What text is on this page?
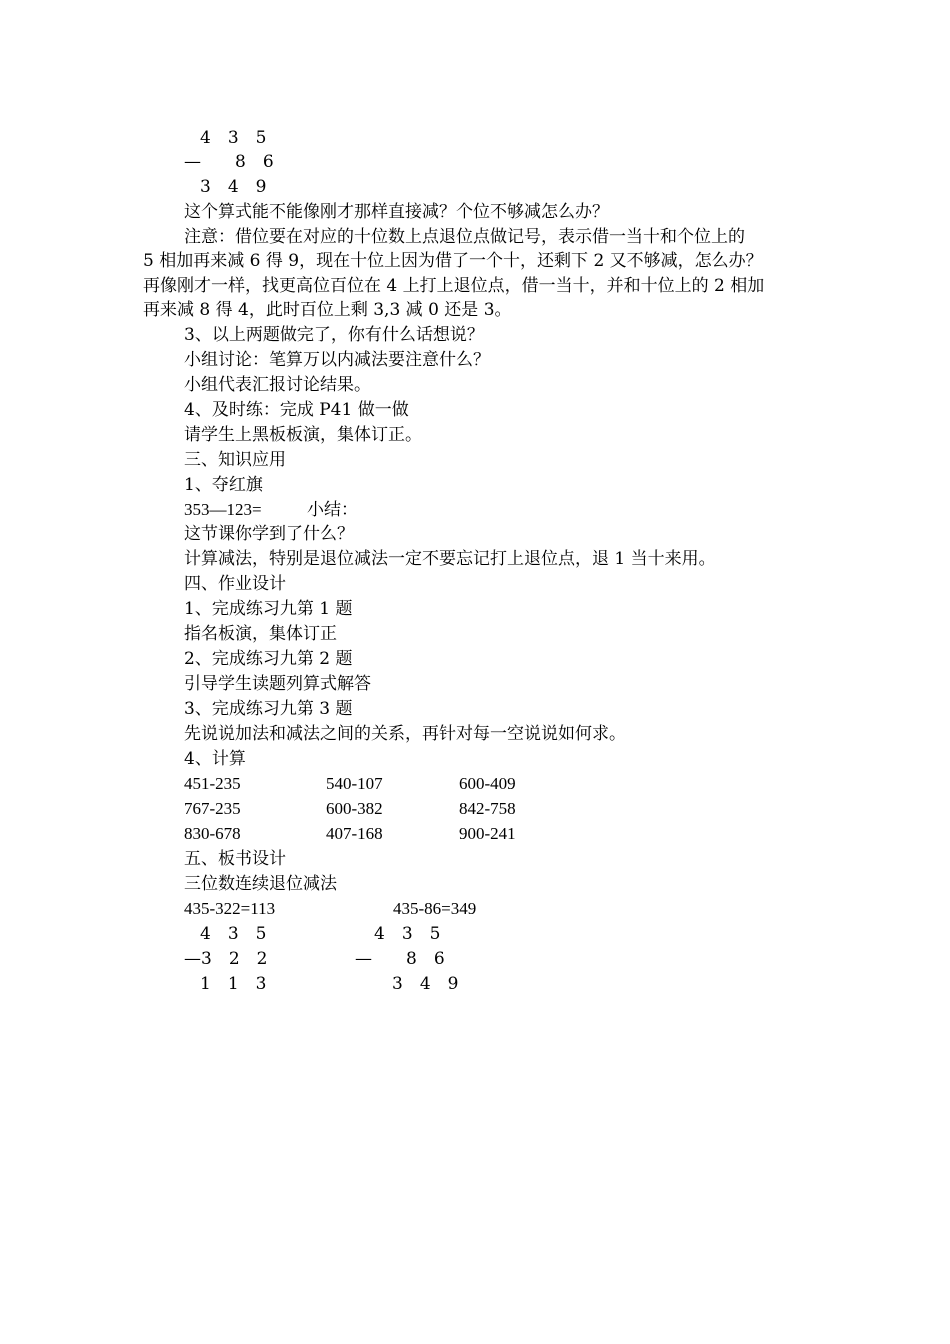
4　3　5
—　　8　6
3　4　9
这个算式能不能像刚才那样直接减？个位不够减怎么办？
注意：借位要在对应的十位数上点退位点做记号，表示借一当十和个位上的
5 相加再来减 6 得 9，现在十位上因为借了一个十，还剩下 2 又不够减，怎么办？
再像刚才一样，找更高位百位在 4 上打上退位点，借一当十，并和十位上的 2 相加
再来减 8 得 4，此时百位上剩 3,3 减 0 还是 3。
3、以上两题做完了，你有什么话想说？
小组讨论：笔算万以内减法要注意什么？
小组代表汇报讨论结果。
4、及时练：完成 P41 做一做
请学生上黑板板演，集体订正。
三、知识应用
1、夺红旗
353—123=	小结：
这节课你学到了什么？
计算减法，特别是退位减法一定不要忘记打上退位点，退 1 当十来用。
四、作业设计
1、完成练习九第 1 题
指名板演，集体订正
2、完成练习九第 2 题
引导学生读题列算式解答
3、完成练习九第 3 题
先说说加法和减法之间的关系，再针对每一空说说如何求。
4、计算
451-235	540-107	600-409
767-235	600-382	842-758
830-678	407-168	900-241
五、板书设计
三位数连续退位减法
435-322=113	435-86=349
4　3　5
—3　2　2
1　1　3
4　3　5
—　　8　6
3　4　9
